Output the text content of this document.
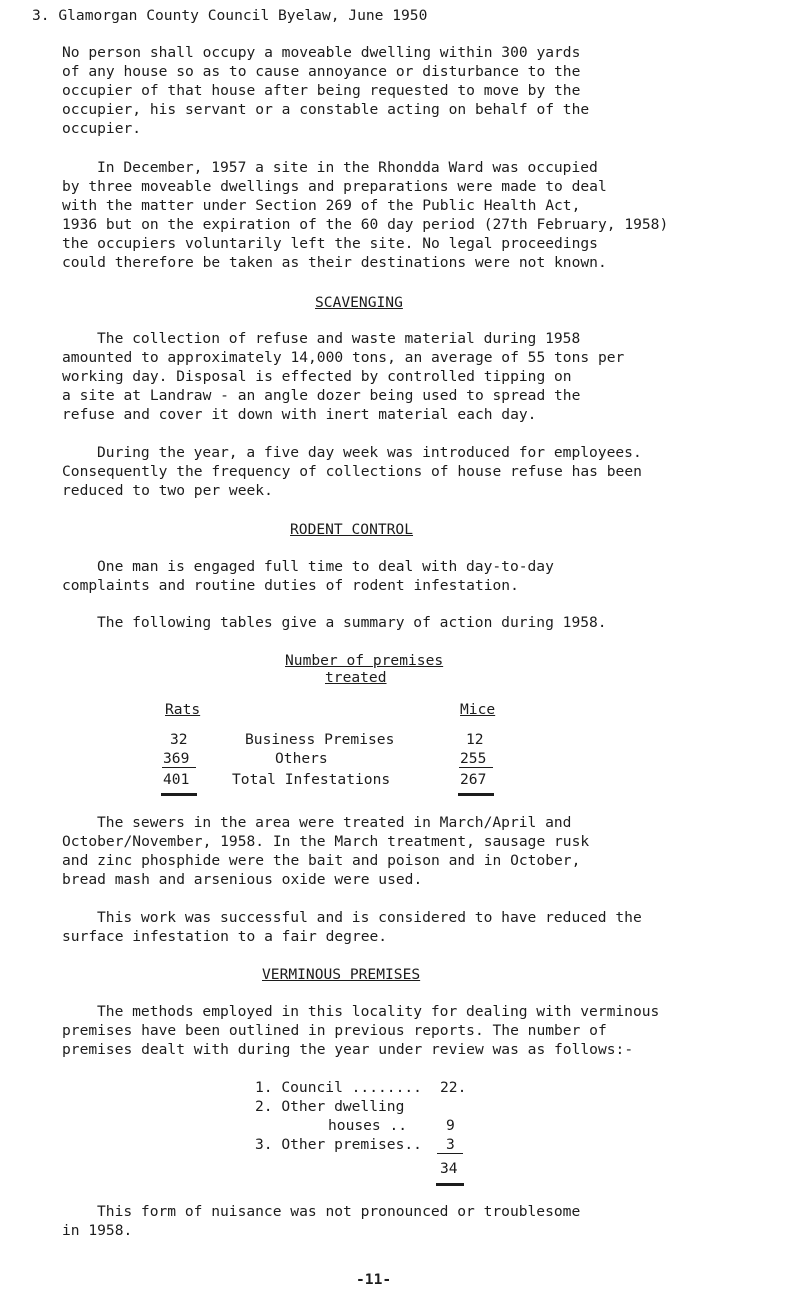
3. Glamorgan County Council Byelaw, June 1950
No person shall occupy a moveable dwelling within 300 yards
of any house so as to cause annoyance or disturbance to the
occupier of that house after being requested to move by the
occupier, his servant or a constable acting on behalf of the
occupier.
In December, 1957 a site in the Rhondda Ward was occupied
by three moveable dwellings and preparations were made to deal
with the matter under Section 269 of the Public Health Act,
1936 but on the expiration of the 60 day period (27th February, 1958)
the occupiers voluntarily left the site. No legal proceedings
could therefore be taken as their destinations were not known.
SCAVENGING
The collection of refuse and waste material during 1958
amounted to approximately 14,000 tons, an average of 55 tons per
working day. Disposal is effected by controlled tipping on
a site at Landraw - an angle dozer being used to spread the
refuse and cover it down with inert material each day.
During the year, a five day week was introduced for employees.
Consequently the frequency of collections of house refuse has been
reduced to two per week.
RODENT CONTROL
One man is engaged full time to deal with day-to-day
complaints and routine duties of rodent infestation.
The following tables give a summary of action during 1958.
Number of premises
treated
Rats	Mice
32	Business Premises	12
369	Others	255
401	Total Infestations	267
The sewers in the area were treated in March/April and
October/November, 1958. In the March treatment, sausage rusk
and zinc phosphide were the bait and poison and in October,
bread mash and arsenious oxide were used.
This work was successful and is considered to have reduced the
surface infestation to a fair degree.
VERMINOUS PREMISES
The methods employed in this locality for dealing with verminous
premises have been outlined in previous reports. The number of
premises dealt with during the year under review was as follows:-
1. Council ........ 22.
2. Other dwelling
houses ..	9
3. Other premises.. 3
34
This form of nuisance was not pronounced or troublesome
in 1958.
-11-
